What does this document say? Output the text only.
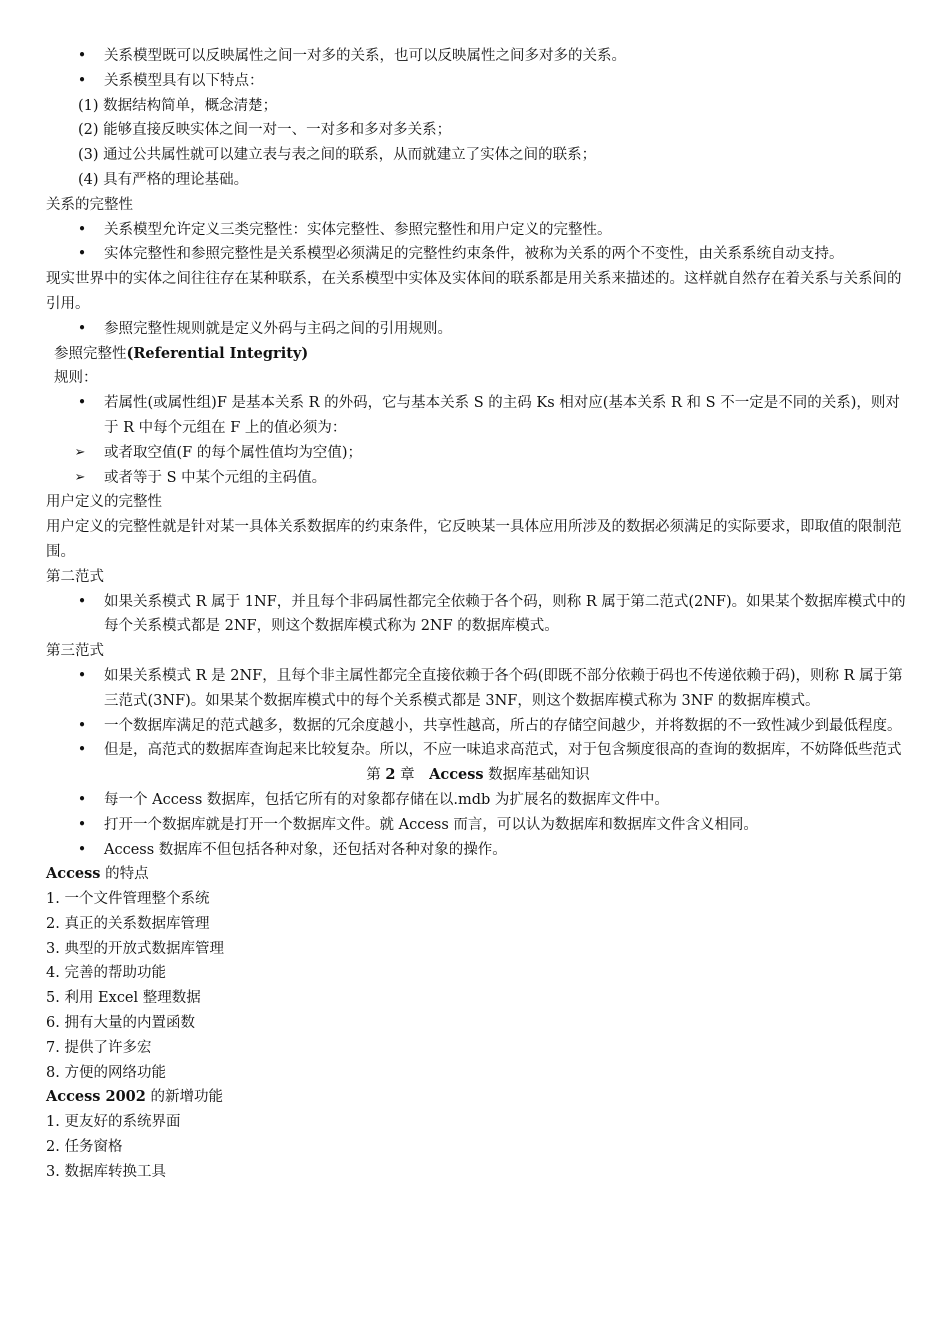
•	关系模型既可以反映属性之间一对多的关系，也可以反映属性之间多对多的关系。
•	关系模型具有以下特点：
(1) 数据结构简单，概念清楚；
(2) 能够直接反映实体之间一对一、一对多和多对多关系；
(3) 通过公共属性就可以建立表与表之间的联系，从而就建立了实体之间的联系；
(4) 具有严格的理论基础。
关系的完整性
•	关系模型允许定义三类完整性：实体完整性、参照完整性和用户定义的完整性。
•	实体完整性和参照完整性是关系模型必须满足的完整性约束条件，被称为关系的两个不变性，由关系系统自动支持。
现实世界中的实体之间往往存在某种联系，在关系模型中实体及实体间的联系都是用关系来描述的。这样就自然存在着关系与关系间的引用。
•	参照完整性规则就是定义外码与主码之间的引用规则。
参照完整性(Referential Integrity)
规则：
•	若属性(或属性组)F 是基本关系 R 的外码，它与基本关系 S 的主码 Ks 相对应(基本关系 R 和 S 不一定是不同的关系)，则对于 R 中每个元组在 F 上的值必须为：
➢	或者取空值(F 的每个属性值均为空值)；
➢	或者等于 S 中某个元组的主码值。
用户定义的完整性
用户定义的完整性就是针对某一具体关系数据库的约束条件，它反映某一具体应用所涉及的数据必须满足的实际要求，即取值的限制范围。
第二范式
•	如果关系模式 R 属于 1NF，并且每个非码属性都完全依赖于各个码，则称 R 属于第二范式(2NF)。如果某个数据库模式中的每个关系模式都是 2NF，则这个数据库模式称为 2NF 的数据库模式。
第三范式
•	如果关系模式 R 是 2NF，且每个非主属性都完全直接依赖于各个码(即既不部分依赖于码也不传递依赖于码)，则称 R 属于第三范式(3NF)。如果某个数据库模式中的每个关系模式都是 3NF，则这个数据库模式称为 3NF 的数据库模式。
•	一个数据库满足的范式越多，数据的冗余度越小，共享性越高，所占的存储空间越少，并将数据的不一致性减少到最低程度。
•	但是，高范式的数据库查询起来比较复杂。所以，不应一味追求高范式，对于包含频度很高的查询的数据库，不妨降低些范式
第 2 章　Access 数据库基础知识
•	每一个 Access 数据库，包括它所有的对象都存储在以.mdb 为扩展名的数据库文件中。
•	打开一个数据库就是打开一个数据库文件。就 Access 而言，可以认为数据库和数据库文件含义相同。
•	Access 数据库不但包括各种对象，还包括对各种对象的操作。
Access 的特点
1. 一个文件管理整个系统
2. 真正的关系数据库管理
3. 典型的开放式数据库管理
4. 完善的帮助功能
5. 利用 Excel 整理数据
6. 拥有大量的内置函数
7. 提供了许多宏
8. 方便的网络功能
Access 2002 的新增功能
1. 更友好的系统界面
2. 任务窗格
3. 数据库转换工具
